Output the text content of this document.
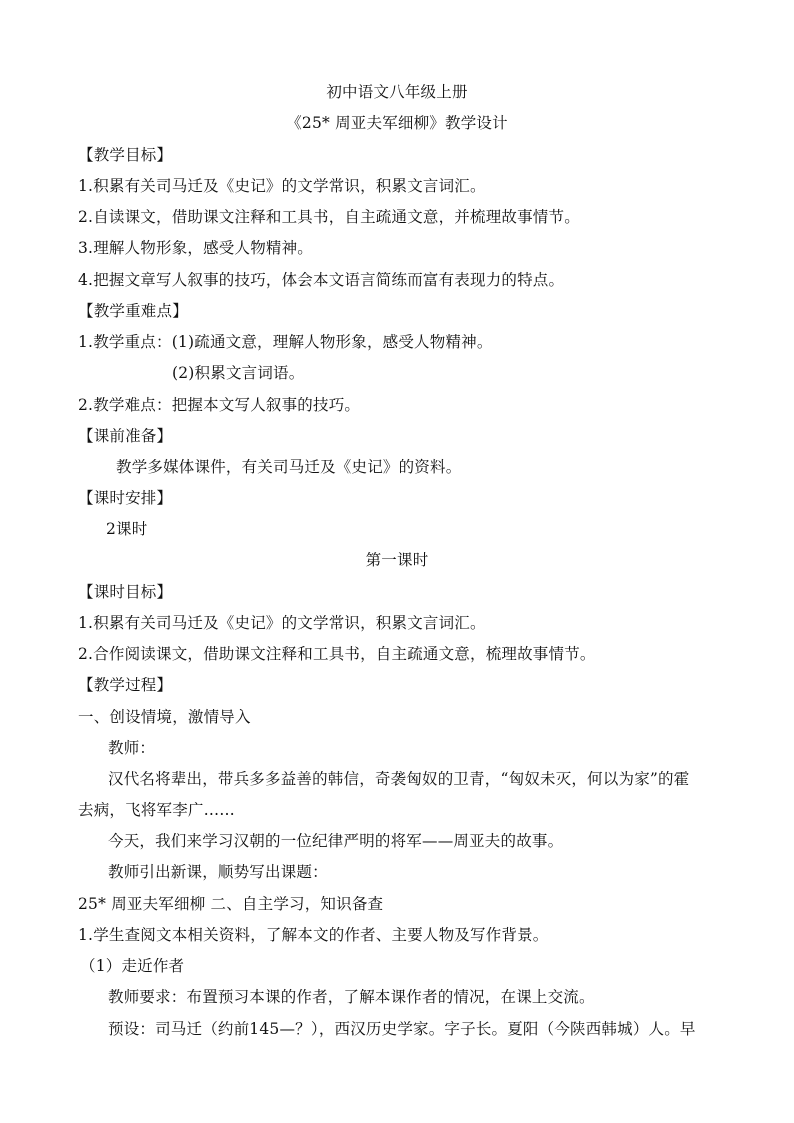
初中语文八年级上册
《25* 周亚夫军细柳》教学设计
【教学目标】
1.积累有关司马迁及《史记》的文学常识，积累文言词汇。
2.自读课文，借助课文注释和工具书，自主疏通文意，并梳理故事情节。
3.理解人物形象，感受人物精神。
4.把握文章写人叙事的技巧，体会本文语言简练而富有表现力的特点。
【教学重难点】
1.教学重点：(1)疏通文意，理解人物形象，感受人物精神。
(2)积累文言词语。
2.教学难点：把握本文写人叙事的技巧。
【课前准备】
教学多媒体课件，有关司马迁及《史记》的资料。
【课时安排】
2课时
第一课时
【课时目标】
1.积累有关司马迁及《史记》的文学常识，积累文言词汇。
2.合作阅读课文，借助课文注释和工具书，自主疏通文意，梳理故事情节。
【教学过程】
一、创设情境，激情导入
教师：
汉代名将辈出，带兵多多益善的韩信，奇袭匈奴的卫青，“匈奴未灭，何以为家”的霍
去病，飞将军李广……
今天，我们来学习汉朝的一位纪律严明的将军——周亚夫的故事。
教师引出新课，顺势写出课题：
25* 周亚夫军细柳 二、自主学习，知识备查
1.学生查阅文本相关资料，了解本文的作者、主要人物及写作背景。
（1）走近作者
教师要求：布置预习本课的作者，了解本课作者的情况，在课上交流。
预设：司马迁（约前145—？），西汉历史学家。字子长。夏阳（今陕西韩城）人。早
